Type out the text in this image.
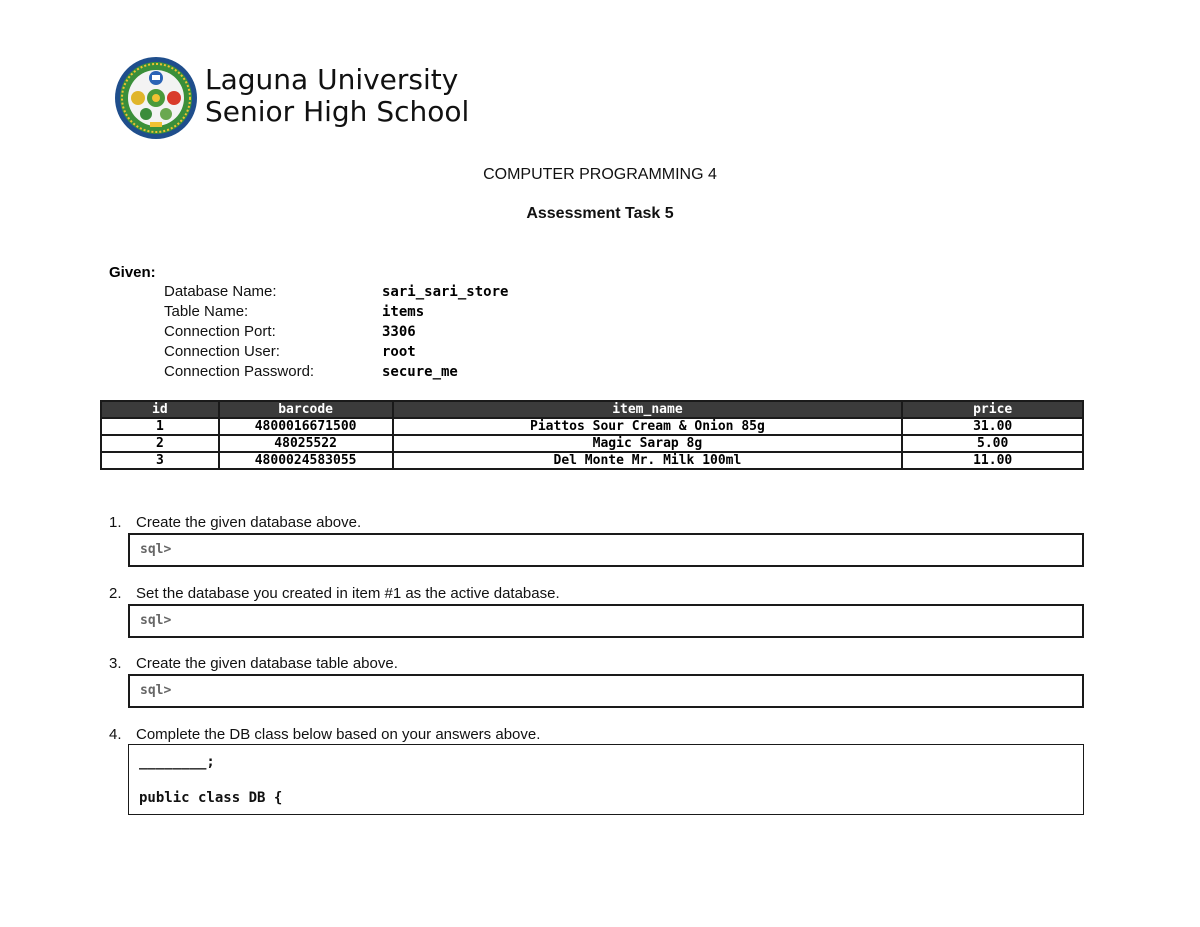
Laguna University
Senior High School
COMPUTER PROGRAMMING 4
Assessment Task 5
Given:
Database Name:	sari_sari_store
Table Name:	items
Connection Port:	3306
Connection User:	root
Connection Password:	secure_me
id	barcode	item_name	price
1	4800016671500	Piattos Sour Cream & Onion 85g	31.00
2	48025522	Magic Sarap 8g	5.00
3	4800024583055	Del Monte Mr. Milk 100ml	11.00
1. Create the given database above.
sql>
2. Set the database you created in item #1 as the active database.
sql>
3. Create the given database table above.
sql>
4. Complete the DB class below based on your answers above.
________;
public class DB {
